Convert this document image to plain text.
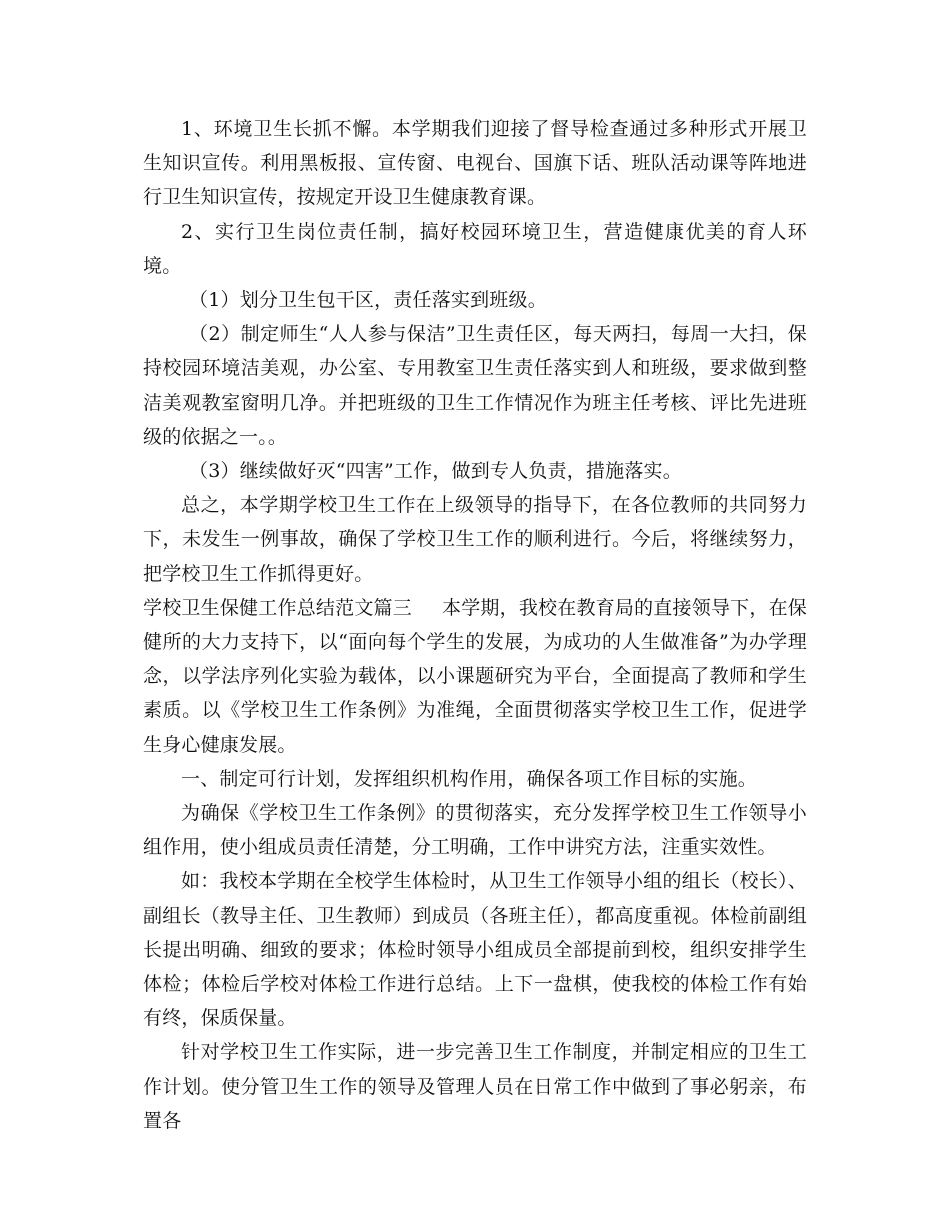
1、环境卫生长抓不懈。本学期我们迎接了督导检查通过多种形式开展卫生知识宣传。利用黑板报、宣传窗、电视台、国旗下话、班队活动课等阵地进行卫生知识宣传，按规定开设卫生健康教育课。

2、实行卫生岗位责任制，搞好校园环境卫生，营造健康优美的育人环境。

（1）划分卫生包干区，责任落实到班级。

（2）制定师生“人人参与保洁”卫生责任区，每天两扫，每周一大扫，保持校园环境洁美观，办公室、专用教室卫生责任落实到人和班级，要求做到整洁美观教室窗明几净。并把班级的卫生工作情况作为班主任考核、评比先进班级的依据之一。。

（3）继续做好灭“四害”工作，做到专人负责，措施落实。

总之，本学期学校卫生工作在上级领导的指导下，在各位教师的共同努力下，未发生一例事故，确保了学校卫生工作的顺利进行。今后，将继续努力，把学校卫生工作抓得更好。

学校卫生保健工作总结范文篇三 本学期，我校在教育局的直接领导下，在保健所的大力支持下，以“面向每个学生的发展，为成功的人生做准备”为办学理念，以学法序列化实验为载体，以小课题研究为平台，全面提高了教师和学生素质。以《学校卫生工作条例》为准绳，全面贯彻落实学校卫生工作，促进学生身心健康发展。

一、制定可行计划，发挥组织机构作用，确保各项工作目标的实施。

为确保《学校卫生工作条例》的贯彻落实，充分发挥学校卫生工作领导小组作用，使小组成员责任清楚，分工明确，工作中讲究方法，注重实效性。

如：我校本学期在全校学生体检时，从卫生工作领导小组的组长（校长）、副组长（教导主任、卫生教师）到成员（各班主任），都高度重视。体检前副组长提出明确、细致的要求；体检时领导小组成员全部提前到校，组织安排学生体检；体检后学校对体检工作进行总结。上下一盘棋，使我校的体检工作有始有终，保质保量。

针对学校卫生工作实际，进一步完善卫生工作制度，并制定相应的卫生工作计划。使分管卫生工作的领导及管理人员在日常工作中做到了事必躬亲，布置各
